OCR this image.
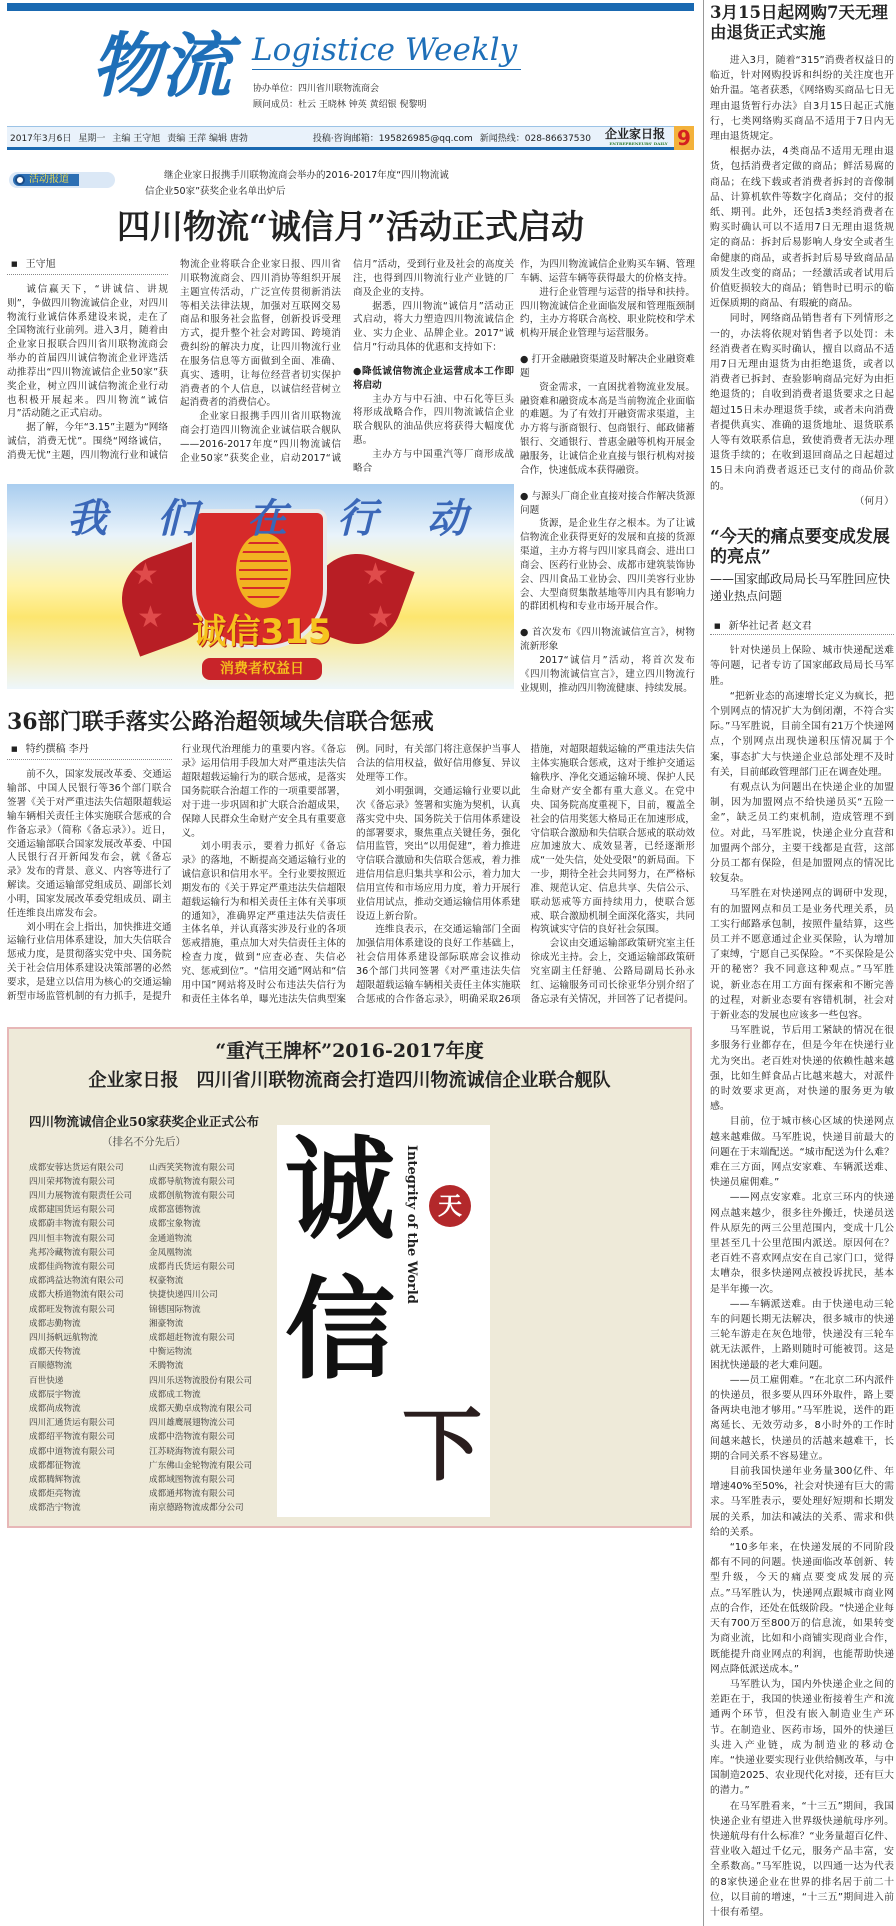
物流 Logistice Weekly
协办单位：四川省川联物流商会
顾问成员：杜云 王晓林 钟英 黄绍银 倪黎明
2017年3月6日 星期一 主编 王守旭 责编 王萍 编辑 唐勃	投稿·咨询邮箱：195826985@qq.com 新闻热线：028-86637530 企业家日报
ENTREPRENEURS' DAILY 9
活动报道	继企业家日报携手川联物流商会举办的2016-2017年度“四川物流诚信企业50家”获奖企业名单出炉后
四川物流“诚信月”活动正式启动
■ 王守旭

诚信赢天下，“讲诚信、讲规则”，争做四川物流诚信企业，对四川物流行业诚信体系建设来说，走在了全国物流行业前列。进入3月，随着由企业家日报联合四川省川联物流商会举办的首届四川诚信物流企业评选活动推荐出“四川物流诚信企业50家”获奖企业，树立四川诚信物流企业行动也积极开展起来。四川物流“诚信月”活动随之正式启动。

据了解，今年“3.15”主题为“网络诚信，消费无忧”。围绕“网络诚信，消费无忧”主题，四川物流行业和诚信物流企业将联合企业家日报、四川省川联物流商会、四川消协等组织开展主题宣传活动，广泛宣传贯彻新消法等相关法律法规，加强对互联网交易商品和服务社会监督，创新投诉受理方式，提升整个社会对跨国、跨境消费纠纷的解决力度，让四川物流行业在服务信息等方面做到全面、准确、真实、透明，让每位经营者切实保护消费者的个人信息，以诚信经营树立起消费者的消费信心。

企业家日报携手四川省川联物流商会打造四川物流企业诚信联合舰队——2016-2017年度“四川物流诚信企业50家”获奖企业，启动2017“诚信月”活动，受到行业及社会的高度关注，也得到四川物流行业产业链的厂商及企业的支持。

据悉，四川物流“诚信月”活动正式启动，将大力塑造四川物流诚信企业、实力企业、品牌企业。2017“诚信月”行动具体的优惠和支持如下：

●降低诚信物流企业运营成本工作即将启动

主办方与中石油、中石化等巨头将形成战略合作，四川物流诚信企业联合舰队的油品供应将获得大幅度优惠。

主办方与中国重汽等厂商形成战略合

★
★
★
★
我 们 在 行 动
诚信315
消费者权益日

作，为四川物流诚信企业购买车辆、管理车辆、运营车辆等获得最大的价格支持。

进行企业管理与运营的指导和扶持。四川物流诚信企业面临发展和管理瓶颈制约，主办方将联合高校、职业院校和学术机构开展企业管理与运营服务。

● 打开金融融资渠道及时解决企业融资难题

资金需求，一直困扰着物流业发展。融资难和融资成本高是当前物流企业面临的难题。为了有效打开融资需求渠道，主办方将与浙商银行、包商银行、邮政储蓄银行、交通银行、普惠金融等机构开展金融服务，让诚信企业直接与银行机构对接合作，快速低成本获得融资。

● 与源头厂商企业直接对接合作解决货源问题

货源，是企业生存之根本。为了让诚信物流企业获得更好的发展和直接的货源渠道，主办方将与四川家具商会、进出口商会、医药行业协会、成都市建筑装饰协会、四川食品工业协会、四川美容行业协会、大型商贸集散基地等川内具有影响力的群团机构和专业市场开展合作。

● 首次发布《四川物流诚信宣言》，树物流新形象

2017“诚信月”活动，将首次发布《四川物流诚信宣言》，建立四川物流行业规则，推动四川物流健康、持续发展。

36部门联手落实公路治超领域失信联合惩戒
■ 特约撰稿 李丹

前不久，国家发展改革委、交通运输部、中国人民银行等36个部门联合签署《关于对严重违法失信超限超载运输车辆相关责任主体实施联合惩戒的合作备忘录》（简称《备忘录》）。近日，交通运输部联合国家发展改革委、中国人民银行召开新闻发布会，就《备忘录》发布的背景、意义、内容等进行了解读。交通运输部党组成员、副部长刘小明，国家发展改革委党组成员、副主任连维良出席发布会。

刘小明在会上指出，加快推进交通运输行业信用体系建设，加大失信联合惩戒力度，是贯彻落实党中央、国务院关于社会信用体系建设决策部署的必然要求，是建立以信用为核心的交通运输新型市场监管机制的有力抓手，是提升行业现代治理能力的重要内容。《备忘录》运用信用手段加大对严重违法失信超限超载运输行为的联合惩戒，是落实国务院联合治超工作的一项重要部署，对于进一步巩固和扩大联合治超成果，保障人民群众生命财产安全具有重要意义。

刘小明表示，要着力抓好《备忘录》的落地，不断提高交通运输行业的诚信意识和信用水平。全行业要按照近期发布的《关于界定严重违法失信超限超载运输行为和相关责任主体有关事项的通知》，准确界定严重违法失信责任主体名单，并认真落实涉及行业的各项惩戒措施，重点加大对失信责任主体的检查力度，做到“应查必查、失信必究、惩戒到位”。“信用交通”网站和“信用中国”网站将及时公布违法失信行为和责任主体名单，曝光违法失信典型案例。同时，有关部门将注意保护当事人合法的信用权益，做好信用修复、异议处理等工作。

刘小明强调，交通运输行业要以此次《备忘录》签署和实施为契机，认真落实党中央、国务院关于信用体系建设的部署要求，聚焦重点关键任务，强化信用监管，突出“以用促建”，着力推进守信联合激励和失信联合惩戒，着力推进信用信息归集共享和公示，着力加大信用宣传和市场应用力度，着力开展行业信用试点，推动交通运输信用体系建设迈上新台阶。

连维良表示，在交通运输部门全面加强信用体系建设的良好工作基础上，社会信用体系建设部际联席会议推动36个部门共同签署《对严重违法失信超限超载运输车辆相关责任主体实施联合惩戒的合作备忘录》，明确采取26项措施，对超限超载运输的严重违法失信主体实施联合惩戒，这对于维护交通运输秩序、净化交通运输环境、保护人民生命财产安全都有重大意义。在党中央、国务院高度重视下，目前，覆盖全社会的信用奖惩大格局正在加速形成，守信联合激励和失信联合惩戒的联动效应加速放大、成效显著，已经逐渐形成“一处失信，处处受限”的新局面。下一步，期待全社会共同努力，在严格标准、规范认定、信息共享、失信公示、联动惩戒等方面持续用力，使联合惩戒、联合激励机制全面深化落实，共同构筑诚实守信的良好社会氛围。

会议由交通运输部政策研究室主任徐成光主持。会上，交通运输部政策研究室副主任舒驰、公路局副局长孙永红、运输服务司司长徐亚华分别介绍了备忘录有关情况，并回答了记者提问。

“重汽王牌杯”2016-2017年度
企业家日报　四川省川联物流商会打造四川物流诚信企业联合舰队
四川物流诚信企业50家获奖企业正式公布
（排名不分先后）
成都安蓉达货运有限公司
四川荣邦物流有限公司
四川力展物流有限责任公司
成都建国货运有限公司
成都蔚丰物流有限公司
四川恒丰物流有限公司
兆邦冷藏物流有限公司
成都佳尚物流有限公司
成都鸿益达物流有限公司
成都大桥道物流有限公司
成都旺发物流有限公司
成都志勤物流
四川扬帆远航物流
成都天传物流
百顺德物流
百世快递
成都辰宇物流
成都尚成物流
四川汇通货运有限公司
成都绍平物流有限公司
成都中道物流有限公司
成都都征物流
成都腾辉物流
成都炬亮物流
成都浩宁物流
山西笑笑物流有限公司
成都导航物流有限公司
成都创航物流有限公司
成都富德物流
成都宝象物流
金通道物流
金凤凰物流
成都肖氏货运有限公司
权豪物流
快捷快递四川公司
锦德国际物流
湘豪物流
成都超赶物流有限公司
中衡运物流
禾腾物流
四川乐送物流股份有限公司
成都成工物流
成都天勤卓成物流有限公司
四川雄鹰展翅物流公司
成都中浩物流有限公司
江苏晓海物流有限公司
广东佛山金轮物流有限公司
成都域图物流有限公司
成都通邦物流有限公司
南京德路物流成都分公司
诚
信
Integrity of the World 天
下
3月15日起网购7天无理由退货正式实施

进入3月，随着“315”消费者权益日的临近，针对网购投诉和纠纷的关注度也开始升温。笔者获悉，《网络购买商品七日无理由退货暂行办法》自3月15日起正式施行，七类网络购买商品不适用于7日内无理由退货规定。

根据办法，4类商品不适用无理由退货，包括消费者定做的商品；鲜活易腐的商品；在线下载或者消费者拆封的音像制品、计算机软件等数字化商品；交付的报纸、期刊。此外，还包括3类经消费者在购买时确认可以不适用7日无理由退货规定的商品：拆封后易影响人身安全或者生命健康的商品，或者拆封后易导致商品品质发生改变的商品；一经激活或者试用后价值贬损较大的商品；销售时已明示的临近保质期的商品、有瑕疵的商品。

同时，网络商品销售者有下列情形之一的，办法将依规对销售者予以处罚：未经消费者在购买时确认，擅自以商品不适用7日无理由退货为由拒绝退货，或者以消费者已拆封、查验影响商品完好为由拒绝退货的；自收到消费者退货要求之日起超过15日未办理退货手续，或者未向消费者提供真实、准确的退货地址、退货联系人等有效联系信息，致使消费者无法办理退货手续的；在收到退回商品之日起超过15日未向消费者返还已支付的商品价款的。

（何月）
“今天的痛点要变成发展的亮点”
——国家邮政局局长马军胜回应快递业热点问题
■ 新华社记者 赵文君

针对快递员上保险、城市快递配送难等问题，记者专访了国家邮政局局长马军胜。

“把新业态的高速增长定义为疯长，把个别网点的情况扩大为倒闭潮，不符合实际。”马军胜说，目前全国有21万个快递网点，个别网点出现快递积压情况属于个案，事态扩大与快递企业总部处理不及时有关，目前邮政管理部门正在调查处理。

有观点认为问题出在快递企业的加盟制，因为加盟网点不给快递员买“五险一金”，缺乏员工约束机制，造成管理不到位。对此，马军胜说，快递企业分直营和加盟两个部分，主要干线都是直营，这部分员工都有保险，但是加盟网点的情况比较复杂。

马军胜在对快递网点的调研中发现，有的加盟网点和员工是业务代理关系，员工实行邮路承包制，按照件量结算，这些员工并不愿意通过企业买保险，认为增加了束缚，宁愿自己买保险。“不买保险是公开的秘密？我不同意这种观点。”马军胜说，新业态在用工方面有探索和不断完善的过程，对新业态要有容错机制，社会对于新业态的发展也应该多一些包容。

马军胜说，节后用工紧缺的情况在很多服务行业都存在，但是今年在快递行业尤为突出。老百姓对快递的依赖性越来越强，比如生鲜食品占比越来越大，对派件的时效要求更高，对快递的服务更为敏感。

目前，位于城市核心区域的快递网点越来越难做。马军胜说，快递目前最大的问题在于末端配送。“城市配送为什么难？难在三方面，网点安家难、车辆派送难、快递员雇佣难。”

——网点安家难。北京三环内的快递网点越来越少，很多往外搬迁，快递员送件从原先的两三公里范围内，变成十几公里甚至几十公里范围内派送。原因何在？老百姓不喜欢网点安在自己家门口，觉得太嘈杂，很多快递网点被投诉扰民，基本是半年搬一次。

——车辆派送难。由于快递电动三轮车的问题长期无法解决，很多城市的快递三轮车游走在灰色地带，快递没有三轮车就无法派件，上路则随时可能被罚。这是困扰快递最的老大难问题。

——员工雇佣难。“在北京二环内派件的快递员，很多要从四环外取件，路上要备两块电池才够用。”马军胜说，送件的距离延长、无效劳动多，8小时外的工作时间越来越长，快递员的活越来越难干，长期的合同关系不容易建立。

目前我国快递年业务量300亿件、年增速40%至50%，社会对快递有巨大的需求。马军胜表示，要处理好短期和长期发展的关系，加法和减法的关系、需求和供给的关系。

“10多年来，在快递发展的不同阶段都有不同的问题。快递面临改革创新、转型升级，今天的痛点要变成发展的亮点。”马军胜认为，快递网点跟城市商业网点的合作，还处在低级阶段。“快递企业每天有700万至800万的信息流，如果转变为商业流，比如和小商铺实现商业合作，既能提升商业网点的利润，也能帮助快递网点降低派送成本。”

马军胜认为，国内外快递企业之间的差距在于，我国的快递业衔接着生产和流通两个环节，但没有嵌入制造业生产环节。在制造业、医药市场，国外的快递巨头进入产业链，成为制造业的移动仓库。“快递业要实现行业供给侧改革，与中国制造2025、农业现代化对接，还有巨大的潜力。”

在马军胜看来，“十三五”期间，我国快递企业有望进入世界级快递航母序列。快递航母有什么标准？“业务量超百亿件、营业收入超过千亿元，服务产品丰富，安全系数高。”马军胜说，以四通一达为代表的8家快递企业在世界的排名居于前二十位，以目前的增速，“十三五”期间进入前十很有希望。
